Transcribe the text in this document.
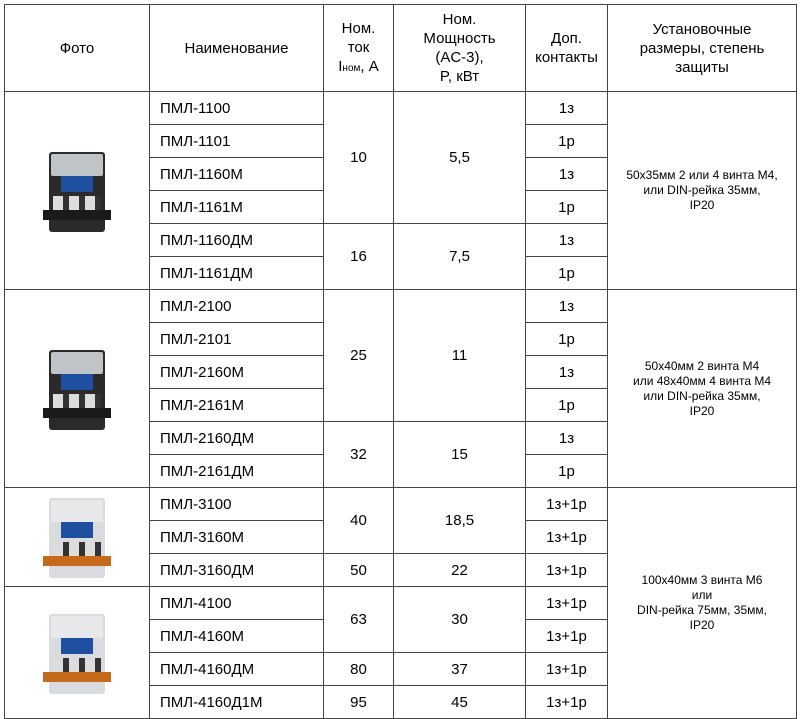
Фото	Наименование	Ном.
ток
Iном, А	Ном.
Мощность
(AC-3),
P, кВт	Доп.
контакты	Установочные
размеры, степень
защиты

	ПМЛ-1100	10	5,5	1з	50x35мм 2 или 4 винта М4,
или DIN-рейка 35мм,
IP20
	ПМЛ-1101			1р	
	ПМЛ-1160М			1з	
	ПМЛ-1161М			1р	
	ПМЛ-1160ДМ	16	7,5	1з	
	ПМЛ-1161ДМ			1р	

	ПМЛ-2100	25	11	1з	50x40мм 2 винта М4
или 48x40мм 4 винта М4
или DIN-рейка 35мм,
IP20
	ПМЛ-2101			1р	
	ПМЛ-2160М			1з	
	ПМЛ-2161М			1р	
	ПМЛ-2160ДМ	32	15	1з	
	ПМЛ-2161ДМ			1р	

	ПМЛ-3100	40	18,5	1з+1р	100x40мм 3 винта М6
или
DIN-рейка 75мм, 35мм,
IP20
	ПМЛ-3160М			1з+1р	
	ПМЛ-3160ДМ	50	22	1з+1р	

	ПМЛ-4100	63	30	1з+1р	
	ПМЛ-4160М			1з+1р	
	ПМЛ-4160ДМ	80	37	1з+1р	
	ПМЛ-4160Д1М	95	45	1з+1р	
